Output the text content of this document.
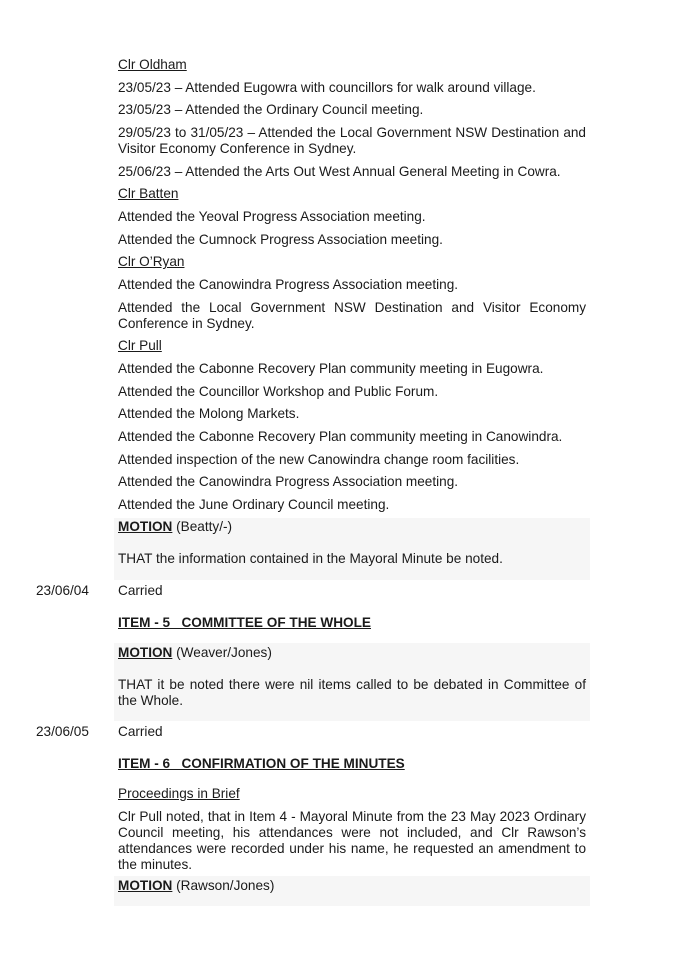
Clr Oldham

23/05/23 – Attended Eugowra with councillors for walk around village.

23/05/23 – Attended the Ordinary Council meeting.

29/05/23 to 31/05/23 – Attended the Local Government NSW Destination and Visitor Economy Conference in Sydney.

25/06/23 – Attended the Arts Out West Annual General Meeting in Cowra.

Clr Batten

Attended the Yeoval Progress Association meeting.

Attended the Cumnock Progress Association meeting.

Clr O’Ryan

Attended the Canowindra Progress Association meeting.

Attended the Local Government NSW Destination and Visitor Economy Conference in Sydney.

Clr Pull

Attended the Cabonne Recovery Plan community meeting in Eugowra.

Attended the Councillor Workshop and Public Forum.

Attended the Molong Markets.

Attended the Cabonne Recovery Plan community meeting in Canowindra.

Attended inspection of the new Canowindra change room facilities.

Attended the Canowindra Progress Association meeting.

Attended the June Ordinary Council meeting.

MOTION (Beatty/-)

THAT the information contained in the Mayoral Minute be noted.

23/06/04 Carried

ITEM - 5   COMMITTEE OF THE WHOLE

MOTION (Weaver/Jones)

THAT it be noted there were nil items called to be debated in Committee of the Whole.

23/06/05 Carried

ITEM - 6   CONFIRMATION OF THE MINUTES

Proceedings in Brief

Clr Pull noted, that in Item 4 - Mayoral Minute from the 23 May 2023 Ordinary Council meeting, his attendances were not included, and Clr Rawson’s attendances were recorded under his name, he requested an amendment to the minutes.

MOTION (Rawson/Jones)
